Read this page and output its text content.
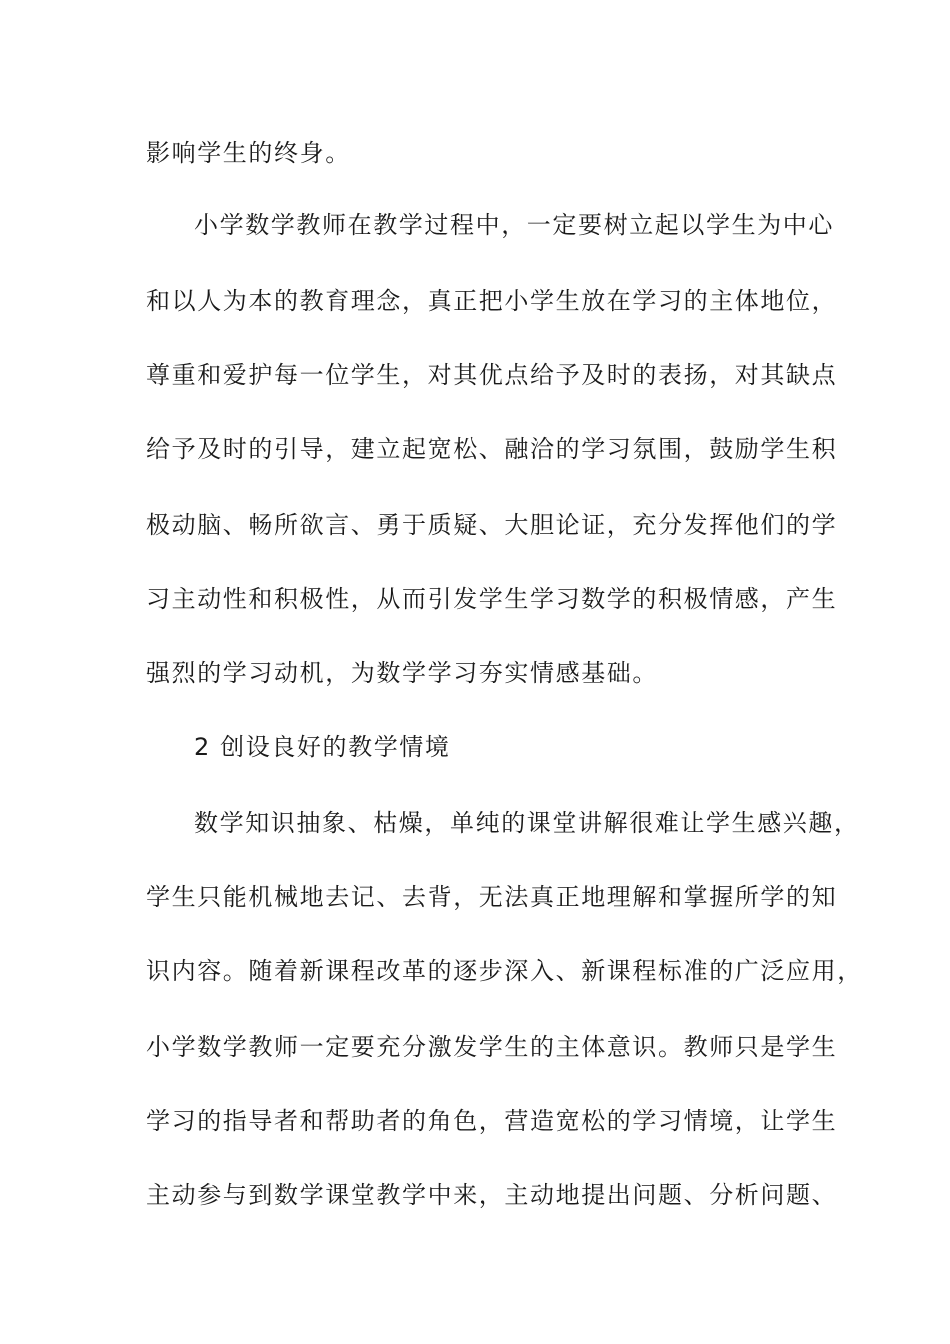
影响学生的终身。

小学数学教师在教学过程中，一定要树立起以学生为中心

和以人为本的教育理念，真正把小学生放在学习的主体地位，

尊重和爱护每一位学生，对其优点给予及时的表扬，对其缺点

给予及时的引导，建立起宽松、融洽的学习氛围，鼓励学生积

极动脑、畅所欲言、勇于质疑、大胆论证，充分发挥他们的学

习主动性和积极性，从而引发学生学习数学的积极情感，产生

强烈的学习动机，为数学学习夯实情感基础。

2 创设良好的教学情境

数学知识抽象、枯燥，单纯的课堂讲解很难让学生感兴趣，

学生只能机械地去记、去背，无法真正地理解和掌握所学的知

识内容。随着新课程改革的逐步深入、新课程标准的广泛应用，

小学数学教师一定要充分激发学生的主体意识。教师只是学生

学习的指导者和帮助者的角色，营造宽松的学习情境，让学生

主动参与到数学课堂教学中来，主动地提出问题、分析问题、
